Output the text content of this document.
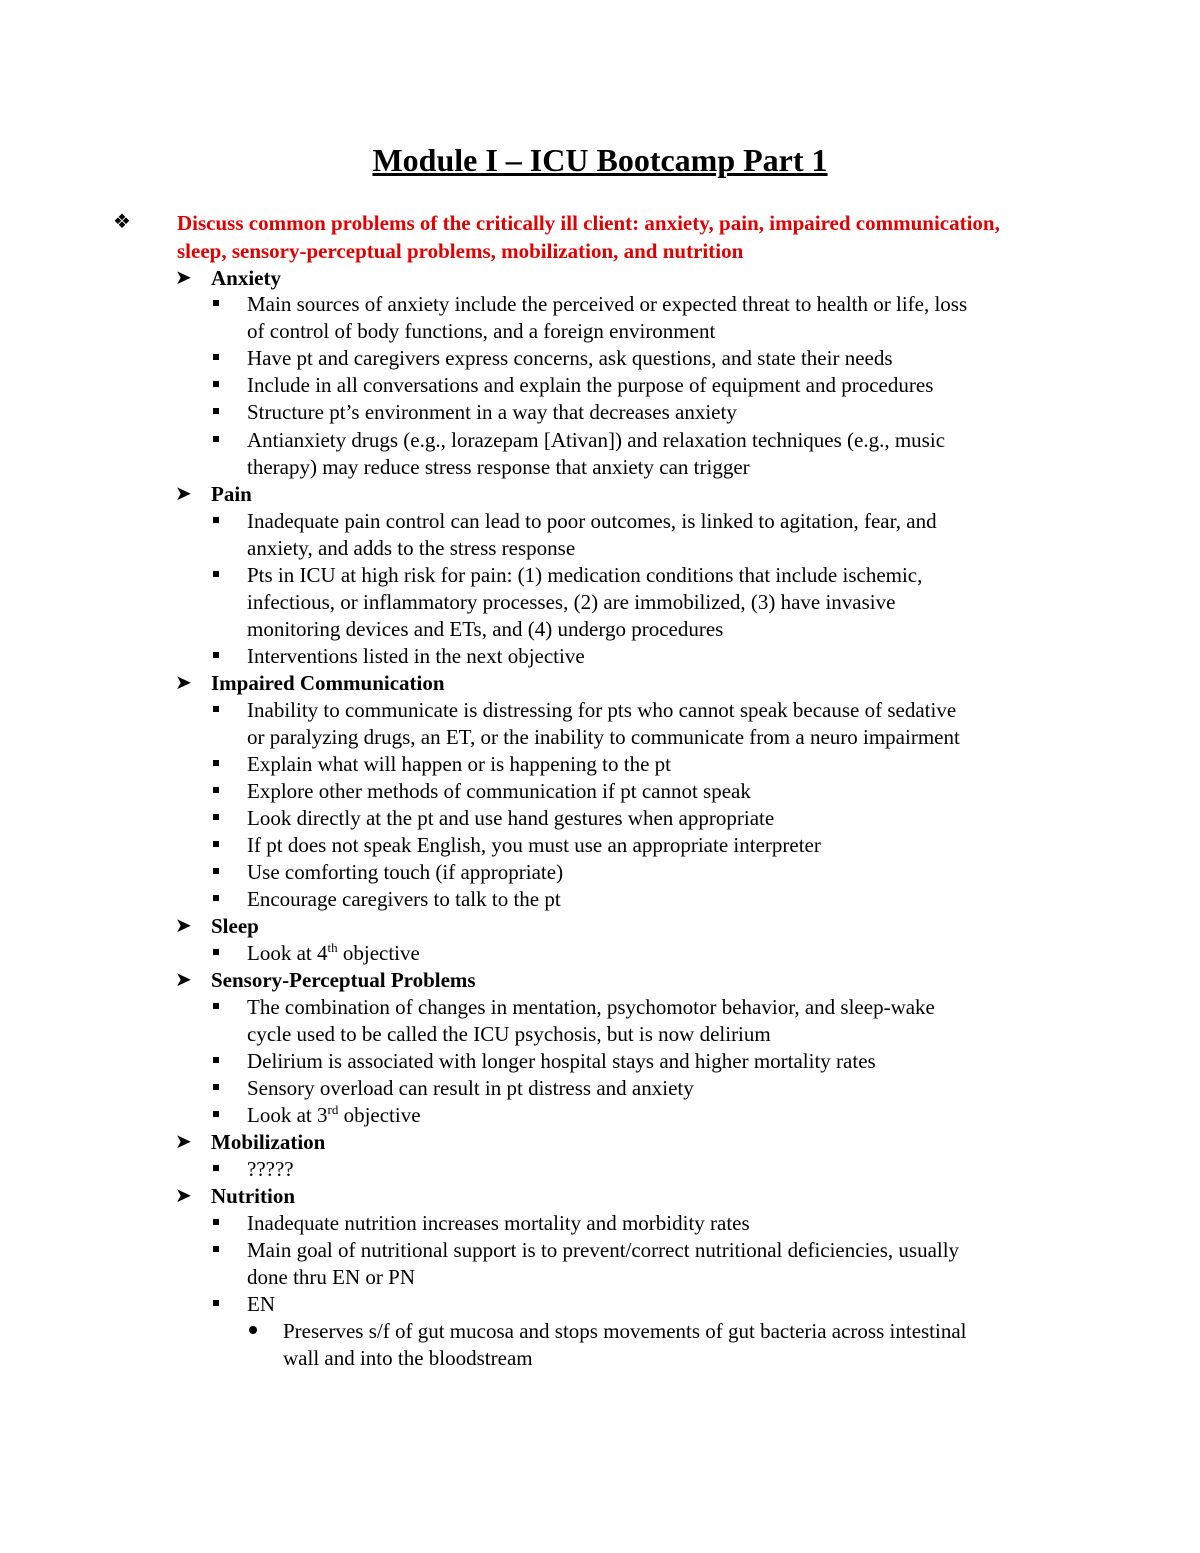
Module I – ICU Bootcamp Part 1
❖ Discuss common problems of the critically ill client: anxiety, pain, impaired communication, sleep, sensory-perceptual problems, mobilization, and nutrition
➤ Anxiety
Main sources of anxiety include the perceived or expected threat to health or life, loss
of control of body functions, and a foreign environment
Have pt and caregivers express concerns, ask questions, and state their needs
Include in all conversations and explain the purpose of equipment and procedures
Structure pt’s environment in a way that decreases anxiety
Antianxiety drugs (e.g., lorazepam [Ativan]) and relaxation techniques (e.g., music
therapy) may reduce stress response that anxiety can trigger
➤ Pain
Inadequate pain control can lead to poor outcomes, is linked to agitation, fear, and
anxiety, and adds to the stress response
Pts in ICU at high risk for pain: (1) medication conditions that include ischemic,
infectious, or inflammatory processes, (2) are immobilized, (3) have invasive
monitoring devices and ETs, and (4) undergo procedures
Interventions listed in the next objective
➤ Impaired Communication
Inability to communicate is distressing for pts who cannot speak because of sedative
or paralyzing drugs, an ET, or the inability to communicate from a neuro impairment
Explain what will happen or is happening to the pt
Explore other methods of communication if pt cannot speak
Look directly at the pt and use hand gestures when appropriate
If pt does not speak English, you must use an appropriate interpreter
Use comforting touch (if appropriate)
Encourage caregivers to talk to the pt
➤ Sleep
Look at 4th objective
➤ Sensory-Perceptual Problems
The combination of changes in mentation, psychomotor behavior, and sleep-wake
cycle used to be called the ICU psychosis, but is now delirium
Delirium is associated with longer hospital stays and higher mortality rates
Sensory overload can result in pt distress and anxiety
Look at 3rd objective
➤ Mobilization
?????
➤ Nutrition
Inadequate nutrition increases mortality and morbidity rates
Main goal of nutritional support is to prevent/correct nutritional deficiencies, usually
done thru EN or PN
EN
Preserves s/f of gut mucosa and stops movements of gut bacteria across intestinal
wall and into the bloodstream
